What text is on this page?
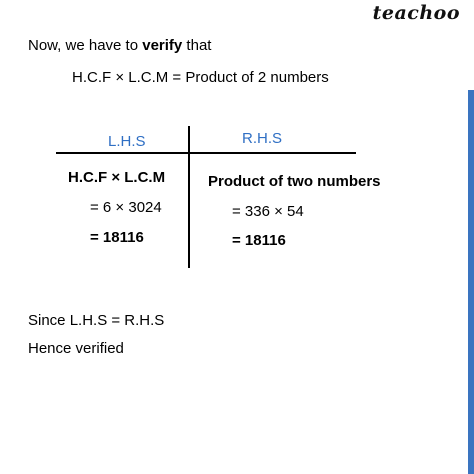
teachoo
Now, we have to verify that
H.C.F × L.C.M = Product of 2 numbers
L.H.S	R.H.S
H.C.F × L.C.M
= 6 × 3024
= 18116
Product of two numbers
= 336 × 54
= 18116
Since L.H.S = R.H.S
Hence verified
